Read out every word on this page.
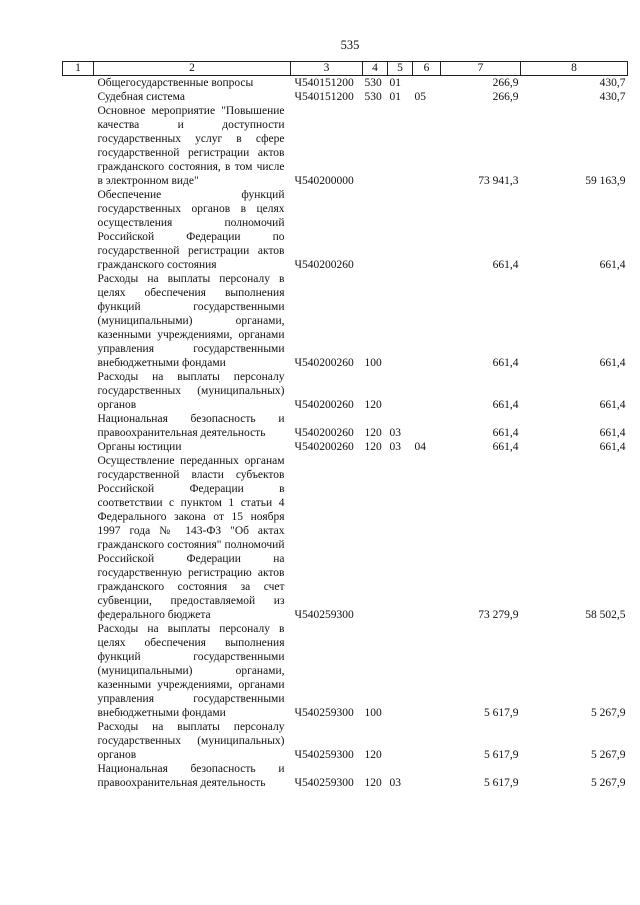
535
1	2	3	4	5	6	7	8
	Общегосударственные вопросы	Ч540151200	530	01		266,9	430,7
	Судебная система	Ч540151200	530	01	05	266,9	430,7
	Основное мероприятие "Повышение качества и доступности государственных услуг в сфере государственной регистрации актов гражданского состояния, в том числе в электронном виде"	Ч540200000				73 941,3	59 163,9
	Обеспечение функций государственных органов в целях осуществления полномочий Российской Федерации по государственной регистрации актов гражданского состояния	Ч540200260				661,4	661,4
	Расходы на выплаты персоналу в целях обеспечения выполнения функций государственными (муниципальными) органами, казенными учреждениями, органами управления государственными внебюджетными фондами	Ч540200260	100			661,4	661,4
	Расходы на выплаты персоналу государственных (муниципальных) органов	Ч540200260	120			661,4	661,4
	Национальная безопасность и правоохранительная деятельность	Ч540200260	120	03		661,4	661,4
	Органы юстиции	Ч540200260	120	03	04	661,4	661,4
	Осуществление переданных органам государственной власти субъектов Российской Федерации в соответствии с пунктом 1 статьи 4 Федерального закона от 15 ноября 1997 года № 143-ФЗ "Об актах гражданского состояния" полномочий Российской Федерации на государственную регистрацию актов гражданского состояния за счет субвенции, предоставляемой из федерального бюджета	Ч540259300				73 279,9	58 502,5
	Расходы на выплаты персоналу в целях обеспечения выполнения функций государственными (муниципальными) органами, казенными учреждениями, органами управления государственными внебюджетными фондами	Ч540259300	100			5 617,9	5 267,9
	Расходы на выплаты персоналу государственных (муниципальных) органов	Ч540259300	120			5 617,9	5 267,9
	Национальная безопасность и правоохранительная деятельность	Ч540259300	120	03		5 617,9	5 267,9
